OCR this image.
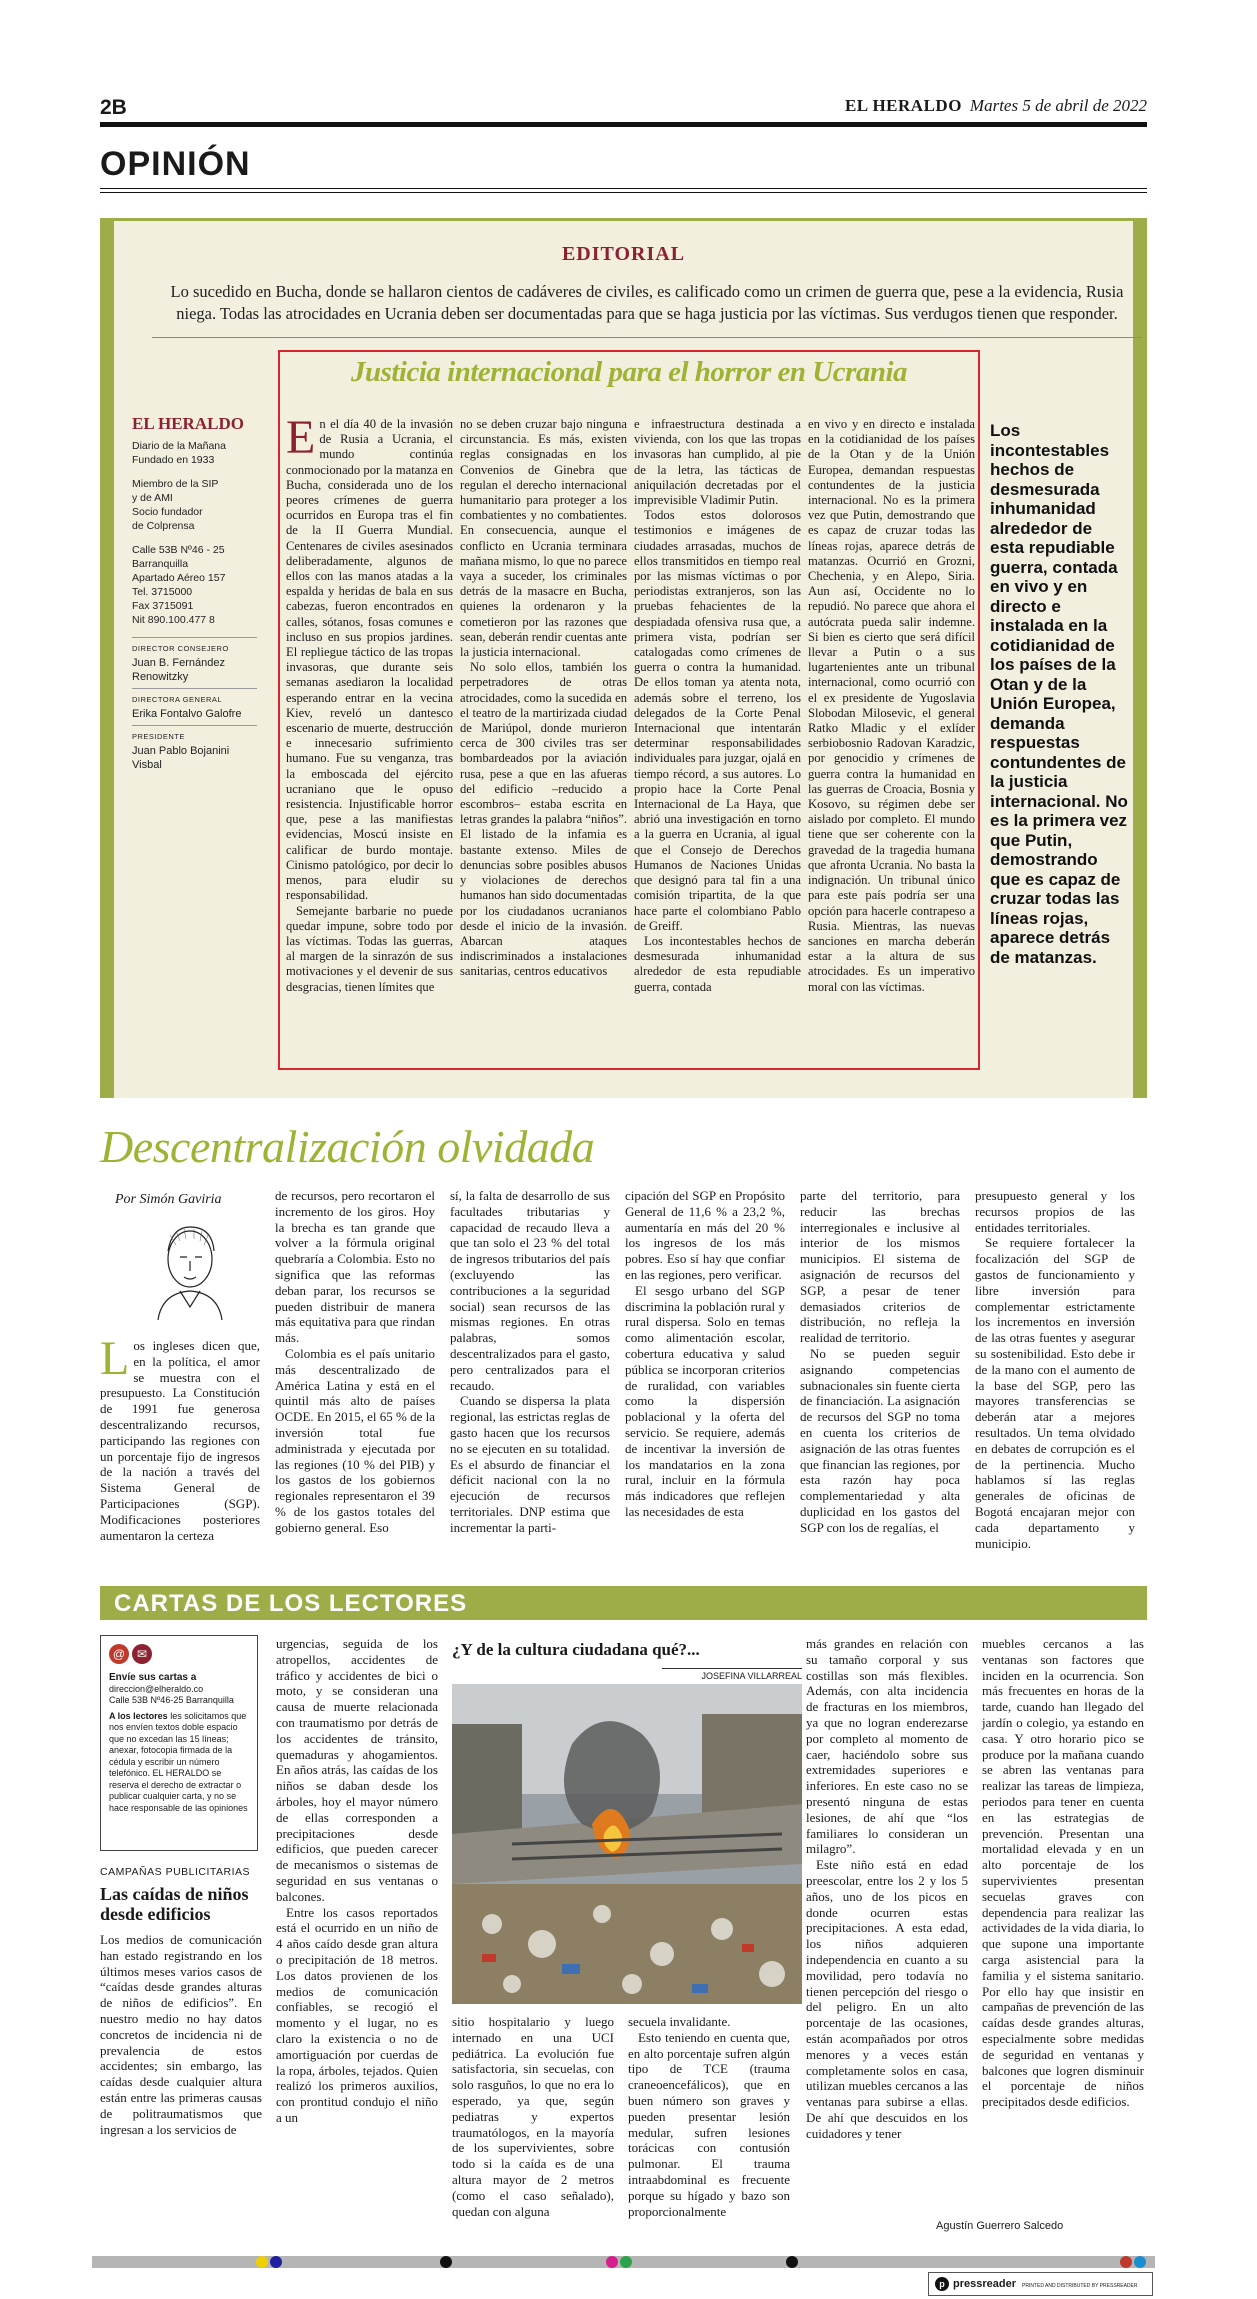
2B	EL HERALDO Martes 5 de abril de 2022
OPINIÓN
EDITORIAL
Lo sucedido en Bucha, donde se hallaron cientos de cadáveres de civiles, es calificado como un crimen de guerra que, pese a la evidencia, Rusia niega. Todas las atrocidades en Ucrania deben ser documentadas para que se haga justicia por las víctimas. Sus verdugos tienen que responder.
Justicia internacional para el horror en Ucrania
EL HERALDO
Diario de la Mañana
Fundado en 1933
Miembro de la SIP
y de AMI
Socio fundador
de Colprensa
Calle 53B Nº46 - 25
Barranquilla
Apartado Aéreo 157
Tel. 3715000
Fax 3715091
Nit 890.100.477 8
DIRECTOR CONSEJERO
Juan B. Fernández Renowitzky
DIRECTORA GENERAL
Erika Fontalvo Galofre
PRESIDENTE
Juan Pablo Bojanini Visbal

En el día 40 de la invasión de Rusia a Ucrania, el mundo continúa conmocionado por la matanza en Bucha, considerada uno de los peores crímenes de guerra ocurridos en Europa tras el fin de la II Guerra Mundial. Centenares de civiles asesinados deliberadamente, algunos de ellos con las manos atadas a la espalda y heridas de bala en sus cabezas, fueron encontrados en calles, sótanos, fosas comunes e incluso en sus propios jardines. El repliegue táctico de las tropas invasoras, que durante seis semanas asediaron la localidad esperando entrar en la vecina Kiev, reveló un dantesco escenario de muerte, destrucción e innecesario sufrimiento humano. Fue su venganza, tras la emboscada del ejército ucraniano que le opuso resistencia. Injustificable horror que, pese a las manifiestas evidencias, Moscú insiste en calificar de burdo montaje. Cinismo patológico, por decir lo menos, para eludir su responsabilidad.

Semejante barbarie no puede quedar impune, sobre todo por las víctimas. Todas las guerras, al margen de la sinrazón de sus motivaciones y el devenir de sus desgracias, tienen límites que

no se deben cruzar bajo ninguna circunstancia. Es más, existen reglas consignadas en los Convenios de Ginebra que regulan el derecho internacional humanitario para proteger a los combatientes y no combatientes. En consecuencia, aunque el conflicto en Ucrania terminara mañana mismo, lo que no parece vaya a suceder, los criminales detrás de la masacre en Bucha, quienes la ordenaron y la cometieron por las razones que sean, deberán rendir cuentas ante la justicia internacional.

No solo ellos, también los perpetradores de otras atrocidades, como la sucedida en el teatro de la martirizada ciudad de Mariúpol, donde murieron cerca de 300 civiles tras ser bombardeados por la aviación rusa, pese a que en las afueras del edificio –reducido a escombros– estaba escrita en letras grandes la palabra “niños”. El listado de la infamia es bastante extenso. Miles de denuncias sobre posibles abusos y violaciones de derechos humanos han sido documentadas por los ciudadanos ucranianos desde el inicio de la invasión. Abarcan ataques indiscriminados a instalaciones sanitarias, centros educativos

e infraestructura destinada a vivienda, con los que las tropas invasoras han cumplido, al pie de la letra, las tácticas de aniquilación decretadas por el imprevisible Vladimir Putin.

Todos estos dolorosos testimonios e imágenes de ciudades arrasadas, muchos de ellos transmitidos en tiempo real por las mismas víctimas o por periodistas extranjeros, son las pruebas fehacientes de la despiadada ofensiva rusa que, a primera vista, podrían ser catalogadas como crímenes de guerra o contra la humanidad. De ellos toman ya atenta nota, además sobre el terreno, los delegados de la Corte Penal Internacional que intentarán determinar responsabilidades individuales para juzgar, ojalá en tiempo récord, a sus autores. Lo propio hace la Corte Penal Internacional de La Haya, que abrió una investigación en torno a la guerra en Ucrania, al igual que el Consejo de Derechos Humanos de Naciones Unidas que designó para tal fin a una comisión tripartita, de la que hace parte el colombiano Pablo de Greiff.

Los incontestables hechos de desmesurada inhumanidad alrededor de esta repudiable guerra, contada

en vivo y en directo e instalada en la cotidianidad de los países de la Otan y de la Unión Europea, demandan respuestas contundentes de la justicia internacional. No es la primera vez que Putin, demostrando que es capaz de cruzar todas las líneas rojas, aparece detrás de matanzas. Ocurrió en Grozni, Chechenia, y en Alepo, Siria. Aun así, Occidente no lo repudió. No parece que ahora el autócrata pueda salir indemne. Si bien es cierto que será difícil llevar a Putin o a sus lugartenientes ante un tribunal internacional, como ocurrió con el ex presidente de Yugoslavia Slobodan Milosevic, el general Ratko Mladic y el exlíder serbiobosnio Radovan Karadzic, por genocidio y crímenes de guerra contra la humanidad en las guerras de Croacia, Bosnia y Kosovo, su régimen debe ser aislado por completo. El mundo tiene que ser coherente con la gravedad de la tragedia humana que afronta Ucrania. No basta la indignación. Un tribunal único para este país podría ser una opción para hacerle contrapeso a Rusia. Mientras, las nuevas sanciones en marcha deberán estar a la altura de sus atrocidades. Es un imperativo moral con las víctimas.

Los incontestables hechos de desmesurada inhumanidad alrededor de esta repudiable guerra, contada en vivo y en directo e instalada en la cotidianidad de los países de la Otan y de la Unión Europea, demanda respuestas contundentes de la justicia internacional. No es la primera vez que Putin, demostrando que es capaz de cruzar todas las líneas rojas, aparece detrás de matanzas.
Descentralización olvidada
Por Simón Gaviria

Los ingleses dicen que, en la política, el amor se muestra con el presupuesto. La Constitución de 1991 fue generosa descentralizando recursos, participando las regiones con un porcentaje fijo de ingresos de la nación a través del Sistema General de Participaciones (SGP). Modificaciones posteriores aumentaron la certeza

de recursos, pero recortaron el incremento de los giros. Hoy la brecha es tan grande que volver a la fórmula original quebraría a Colombia. Esto no significa que las reformas deban parar, los recursos se pueden distribuir de manera más equitativa para que rindan más.

Colombia es el país unitario más descentralizado de América Latina y está en el quintil más alto de países OCDE. En 2015, el 65 % de la inversión total fue administrada y ejecutada por las regiones (10 % del PIB) y los gastos de los gobiernos regionales representaron el 39 % de los gastos totales del gobierno general. Eso

sí, la falta de desarrollo de sus facultades tributarias y capacidad de recaudo lleva a que tan solo el 23 % del total de ingresos tributarios del país (excluyendo las contribuciones a la seguridad social) sean recursos de las mismas regiones. En otras palabras, somos descentralizados para el gasto, pero centralizados para el recaudo.

Cuando se dispersa la plata regional, las estrictas reglas de gasto hacen que los recursos no se ejecuten en su totalidad. Es el absurdo de financiar el déficit nacional con la no ejecución de recursos territoriales. DNP estima que incrementar la parti-

cipación del SGP en Propósito General de 11,6 % a 23,2 %, aumentaría en más del 20 % los ingresos de los más pobres. Eso sí hay que confiar en las regiones, pero verificar.

El sesgo urbano del SGP discrimina la población rural y rural dispersa. Solo en temas como alimentación escolar, cobertura educativa y salud pública se incorporan criterios de ruralidad, con variables como la dispersión poblacional y la oferta del servicio. Se requiere, además de incentivar la inversión de los mandatarios en la zona rural, incluir en la fórmula más indicadores que reflejen las necesidades de esta

parte del territorio, para reducir las brechas interregionales e inclusive al interior de los mismos municipios. El sistema de asignación de recursos del SGP, a pesar de tener demasiados criterios de distribución, no refleja la realidad de territorio.

No se pueden seguir asignando competencias subnacionales sin fuente cierta de financiación. La asignación de recursos del SGP no toma en cuenta los criterios de asignación de las otras fuentes que financian las regiones, por esta razón hay poca complementariedad y alta duplicidad en los gastos del SGP con los de regalías, el

presupuesto general y los recursos propios de las entidades territoriales.

Se requiere fortalecer la focalización del SGP de gastos de funcionamiento y libre inversión para complementar estrictamente los incrementos en inversión de las otras fuentes y asegurar su sostenibilidad. Esto debe ir de la mano con el aumento de la base del SGP, pero las mayores transferencias se deberán atar a mejores resultados. Un tema olvidado en debates de corrupción es el de la pertinencia. Mucho hablamos sí las reglas generales de oficinas de Bogotá encajaran mejor con cada departamento y municipio.

CARTAS DE LOS LECTORES
@ ✉
Envíe sus cartas a
direccion@elheraldo.co
Calle 53B Nº46-25 Barranquilla
A los lectores les solicitamos que nos envíen textos doble espacio que no excedan las 15 líneas; anexar, fotocopia firmada de la cédula y escribir un número telefónico. EL HERALDO se reserva el derecho de extractar o publicar cualquier carta, y no se hace responsable de las opiniones
CAMPAÑAS PUBLICITARIAS
Las caídas de niños desde edificios

Los medios de comunicación han estado registrando en los últimos meses varios casos de “caídas desde grandes alturas de niños de edificios”. En nuestro medio no hay datos concretos de incidencia ni de prevalencia de estos accidentes; sin embargo, las caídas desde cualquier altura están entre las primeras causas de politraumatismos que ingresan a los servicios de

urgencias, seguida de los atropellos, accidentes de tráfico y accidentes de bici o moto, y se consideran una causa de muerte relacionada con traumatismo por detrás de los accidentes de tránsito, quemaduras y ahogamientos. En años atrás, las caídas de los niños se daban desde los árboles, hoy el mayor número de ellas corresponden a precipitaciones desde edificios, que pueden carecer de mecanismos o sistemas de seguridad en sus ventanas o balcones.

Entre los casos reportados está el ocurrido en un niño de 4 años caído desde gran altura o precipitación de 18 metros. Los datos provienen de los medios de comunicación confiables, se recogió el momento y el lugar, no es claro la existencia o no de amortiguación por cuerdas de la ropa, árboles, tejados. Quien realizó los primeros auxilios, con prontitud condujo el niño a un

¿Y de la cultura ciudadana qué?...
JOSEFINA VILLARREAL

sitio hospitalario y luego internado en una UCI pediátrica. La evolución fue satisfactoria, sin secuelas, con solo rasguños, lo que no era lo esperado, ya que, según pediatras y expertos traumatólogos, en la mayoría de los supervivientes, sobre todo si la caída es de una altura mayor de 2 metros (como el caso señalado), quedan con alguna

secuela invalidante.

Esto teniendo en cuenta que, en alto porcentaje sufren algún tipo de TCE (trauma craneoencefálicos), que en buen número son graves y pueden presentar lesión medular, sufren lesiones torácicas con contusión pulmonar. El trauma intraabdominal es frecuente porque su hígado y bazo son proporcionalmente

más grandes en relación con su tamaño corporal y sus costillas son más flexibles. Además, con alta incidencia de fracturas en los miembros, ya que no logran enderezarse por completo al momento de caer, haciéndolo sobre sus extremidades superiores e inferiores. En este caso no se presentó ninguna de estas lesiones, de ahí que “los familiares lo consideran un milagro”.

Este niño está en edad preescolar, entre los 2 y los 5 años, uno de los picos en donde ocurren estas precipitaciones. A esta edad, los niños adquieren independencia en cuanto a su movilidad, pero todavía no tienen percepción del riesgo o del peligro. En un alto porcentaje de las ocasiones, están acompañados por otros menores y a veces están completamente solos en casa, utilizan muebles cercanos a las ventanas para subirse a ellas. De ahí que descuidos en los cuidadores y tener

muebles cercanos a las ventanas son factores que inciden en la ocurrencia. Son más frecuentes en horas de la tarde, cuando han llegado del jardín o colegio, ya estando en casa. Y otro horario pico se produce por la mañana cuando se abren las ventanas para realizar las tareas de limpieza, periodos para tener en cuenta en las estrategias de prevención. Presentan una mortalidad elevada y en un alto porcentaje de los supervivientes presentan secuelas graves con dependencia para realizar las actividades de la vida diaria, lo que supone una importante carga asistencial para la familia y el sistema sanitario. Por ello hay que insistir en campañas de prevención de las caídas desde grandes alturas, especialmente sobre medidas de seguridad en ventanas y balcones que logren disminuir el porcentaje de niños precipitados desde edificios.

Agustín Guerrero Salcedo
p pressreader PRINTED AND DISTRIBUTED BY PRESSREADER
